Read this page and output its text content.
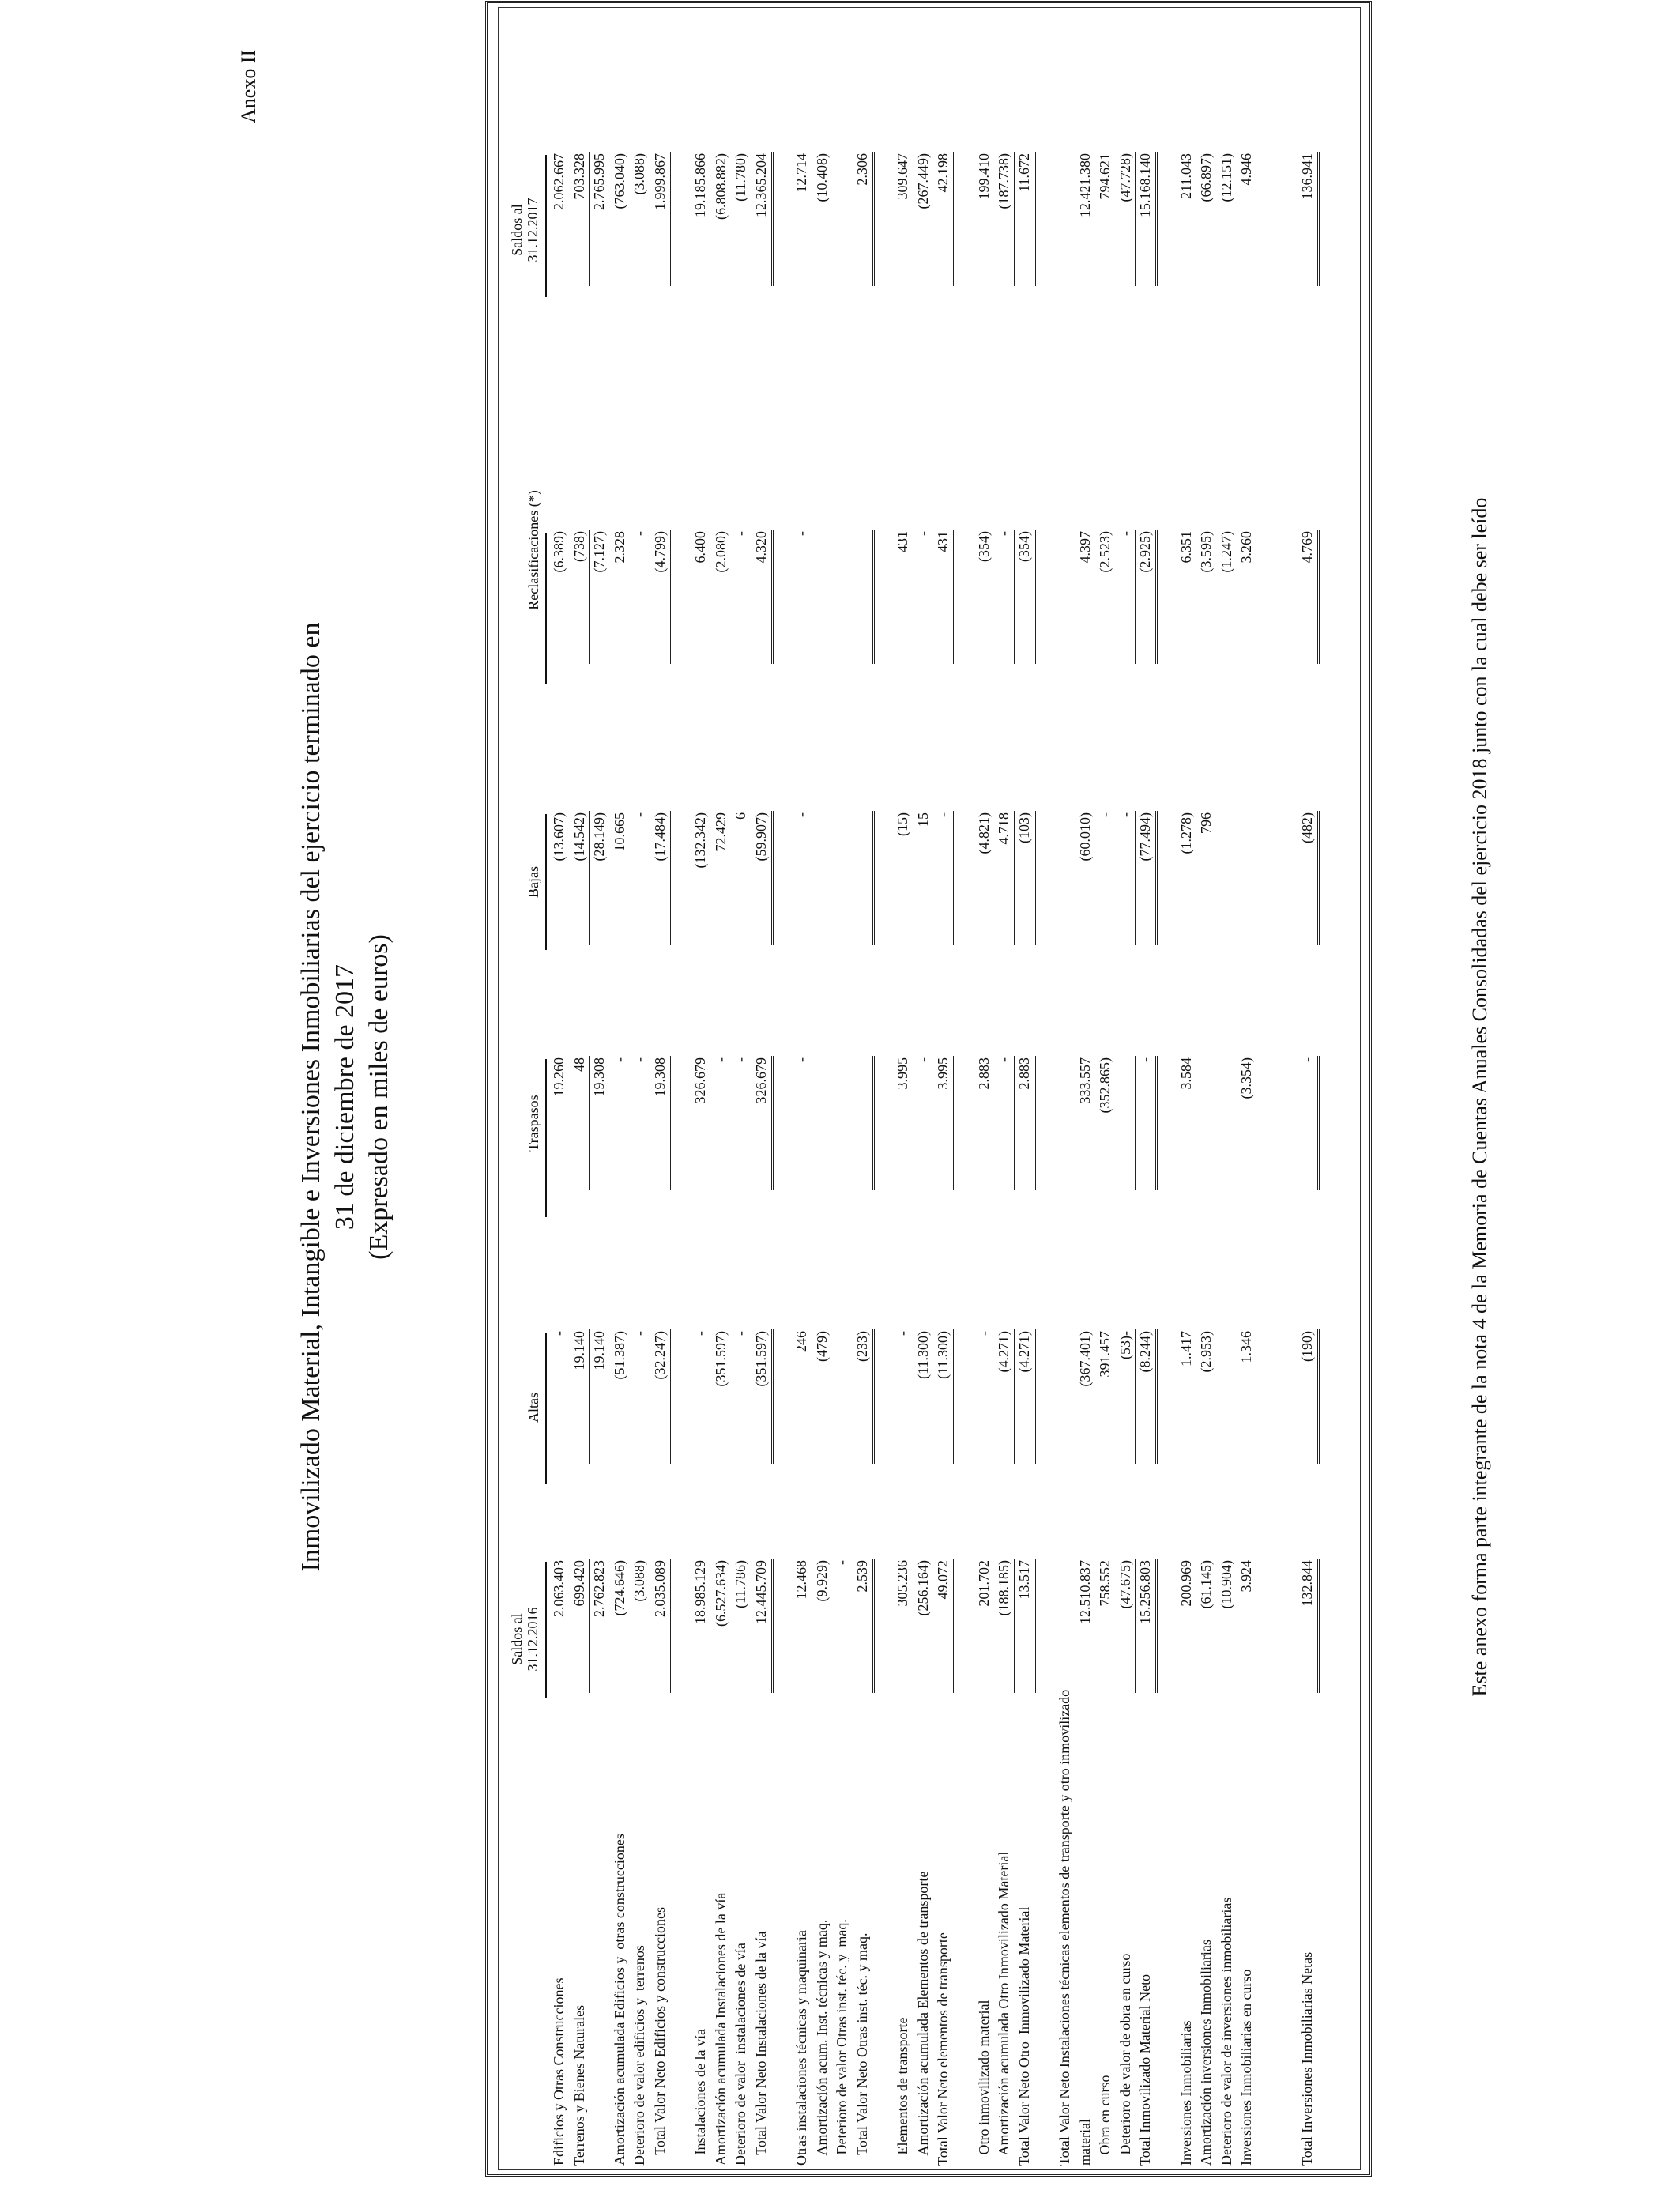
Anexo II
Inmovilizado Material, Intangible e Inversiones Inmobiliarias del ejercicio terminado en 31 de diciembre de 2017 (Expresado en miles de euros)
Saldos al 31.12.2016
Altas
Traspasos
Bajas
Reclasificaciones (*)
Saldos al 31.12.2017
Edificios y Otras Construcciones
2.063.403
-
19.260
(13.607)
(6.389)
2.062.667
Terrenos y Bienes Naturales
699.420
19.140
48
(14.542)
(738)
703.328
2.762.823
19.140
19.308
(28.149)
(7.127)
2.765.995
Amortización acumulada Edificios y  otras construcciones
(724.646)
(51.387)
-
10.665
2.328
(763.040)
Deterioro de valor edificios y  terrenos
(3.088)
-
-
-
-
(3.088)
Total Valor Neto Edificios y construcciones
2.035.089
(32.247)
19.308
(17.484)
(4.799)
1.999.867
Instalaciones de la vía
18.985.129
-
326.679
(132.342)
6.400
19.185.866
Amortización acumulada Instalaciones de la vía
(6.527.634)
(351.597)
-
72.429
(2.080)
(6.808.882)
Deterioro de valor  instalaciones de vía
(11.786)
-
-
6
-
(11.780)
Total Valor Neto Instalaciones de la vía
12.445.709
(351.597)
326.679
(59.907)
4.320
12.365.204
Otras instalaciones técnicas y maquinaria
12.468
246
-
-
-
12.714
Amortización acum. Inst. técnicas y maq.
(9.929)
(479)
(10.408)
Deterioro de valor Otras inst. téc. y  maq.
-
Total Valor Neto Otras inst. téc. y maq.
2.539
(233)
2.306
Elementos de transporte
305.236
-
3.995
(15)
431
309.647
Amortización acumulada Elementos de transporte
(256.164)
(11.300)
-
15
-
(267.449)
Total Valor Neto elementos de transporte
49.072
(11.300)
3.995
-
431
42.198
Otro inmovilizado material
201.702
-
2.883
(4.821)
(354)
199.410
Amortización acumulada Otro Inmovilizado Material
(188.185)
(4.271)
-
4.718
-
(187.738)
Total Valor Neto Otro  Inmovilizado Material
13.517
(4.271)
2.883
(103)
(354)
11.672
Total Valor Neto Instalaciones técnicas elementos de transporte y otro inmovilizado material
12.510.837
(367.401)
333.557
(60.010)
4.397
12.421.380
Obra en curso
758.552
391.457
(352.865)
-
(2.523)
794.621
Deterioro de valor de obra en curso
(47.675)
(53)-
-
-
(47.728)
Total Inmovilizado Material Neto
15.256.803
(8.244)
-
(77.494)
(2.925)
15.168.140
Inversiones Inmobiliarias
200.969
1..417
3.584
(1.278)
6.351
211.043
Amortización inversiones Inmobiliarias
(61.145)
(2.953)
796
(3.595)
(66.897)
Deterioro de valor de inversiones inmobiliarias
(10.904)
(1.247)
(12.151)
Inversiones Inmobiliarias en curso
3.924
1.346
(3.354)
3.260
4.946
Total Inversiones Inmobiliarias Netas
132.844
(190)
-
(482)
4.769
136.941
Este anexo forma parte integrante de la nota 4 de la Memoria de Cuentas Anuales Consolidadas del ejercicio 2018 junto con la cual debe ser leído
